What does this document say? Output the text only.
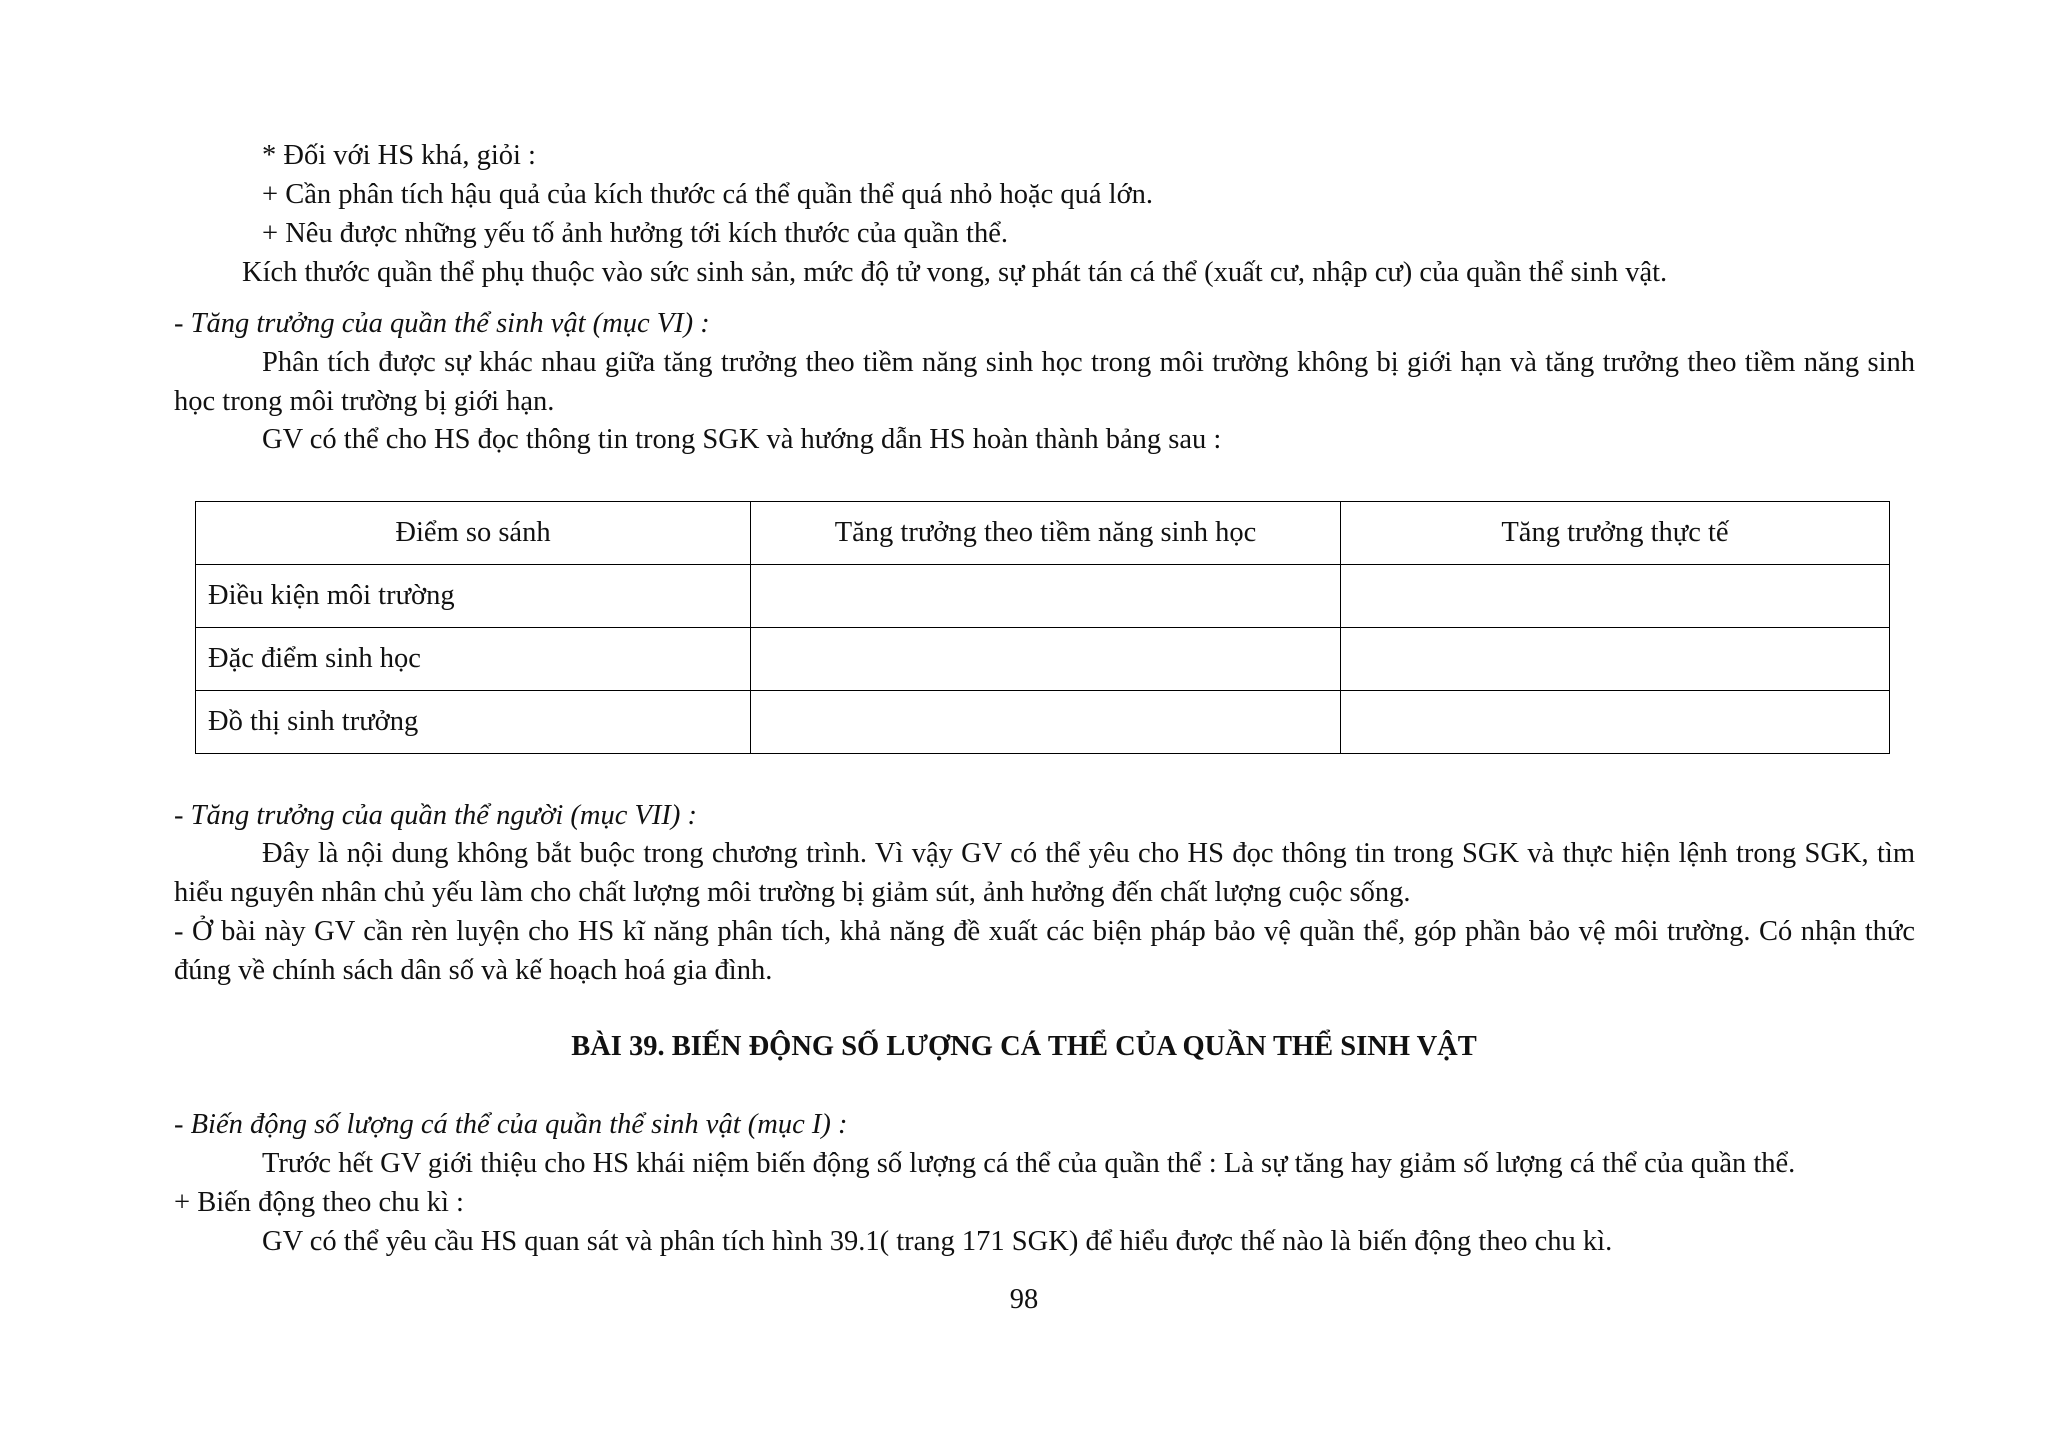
* Đối với HS khá, giỏi :
+ Cần phân tích hậu quả của kích thước cá thể quần thể quá nhỏ hoặc quá lớn.
+ Nêu được những yếu tố ảnh hưởng tới kích thước của quần thể.
Kích thước quần thể phụ thuộc vào sức sinh sản, mức độ tử vong, sự phát tán cá thể (xuất cư, nhập cư) của quần thể sinh vật.
- Tăng trưởng của quần thể sinh vật (mục VI) :
Phân tích được sự khác nhau giữa tăng trưởng theo tiềm năng sinh học trong môi trường không bị giới hạn và tăng trưởng theo tiềm năng sinh học trong môi trường bị giới hạn.
GV có thể cho HS đọc thông tin trong SGK và hướng dẫn HS hoàn thành bảng sau :
Điểm so sánh	Tăng trưởng theo tiềm năng sinh học	Tăng trưởng thực tế
Điều kiện môi trường		
Đặc điểm sinh học		
Đồ thị sinh trưởng		
- Tăng trưởng của quần thể người (mục VII) :
Đây là nội dung không bắt buộc trong chương trình. Vì vậy GV có thể yêu cho HS đọc thông tin trong SGK và thực hiện lệnh trong SGK, tìm hiểu nguyên nhân chủ yếu làm cho chất lượng môi trường bị giảm sút, ảnh hưởng đến chất lượng cuộc sống.
- Ở bài này GV cần rèn luyện cho HS kĩ năng phân tích, khả năng đề xuất các biện pháp bảo vệ quần thể, góp phần bảo vệ môi trường. Có nhận thức đúng về chính sách dân số và kế hoạch hoá gia đình.
BÀI 39. BIẾN ĐỘNG SỐ LƯỢNG CÁ THỂ CỦA QUẦN THỂ SINH VẬT
- Biến động số lượng cá thể của quần thể sinh vật (mục I) :
Trước hết GV giới thiệu cho HS khái niệm biến động số lượng cá thể của quần thể : Là sự tăng hay giảm số lượng cá thể của quần thể.
+ Biến động theo chu kì :
GV có thể yêu cầu HS quan sát và phân tích hình 39.1( trang 171 SGK) để hiểu được thế nào là biến động theo chu kì.
98
